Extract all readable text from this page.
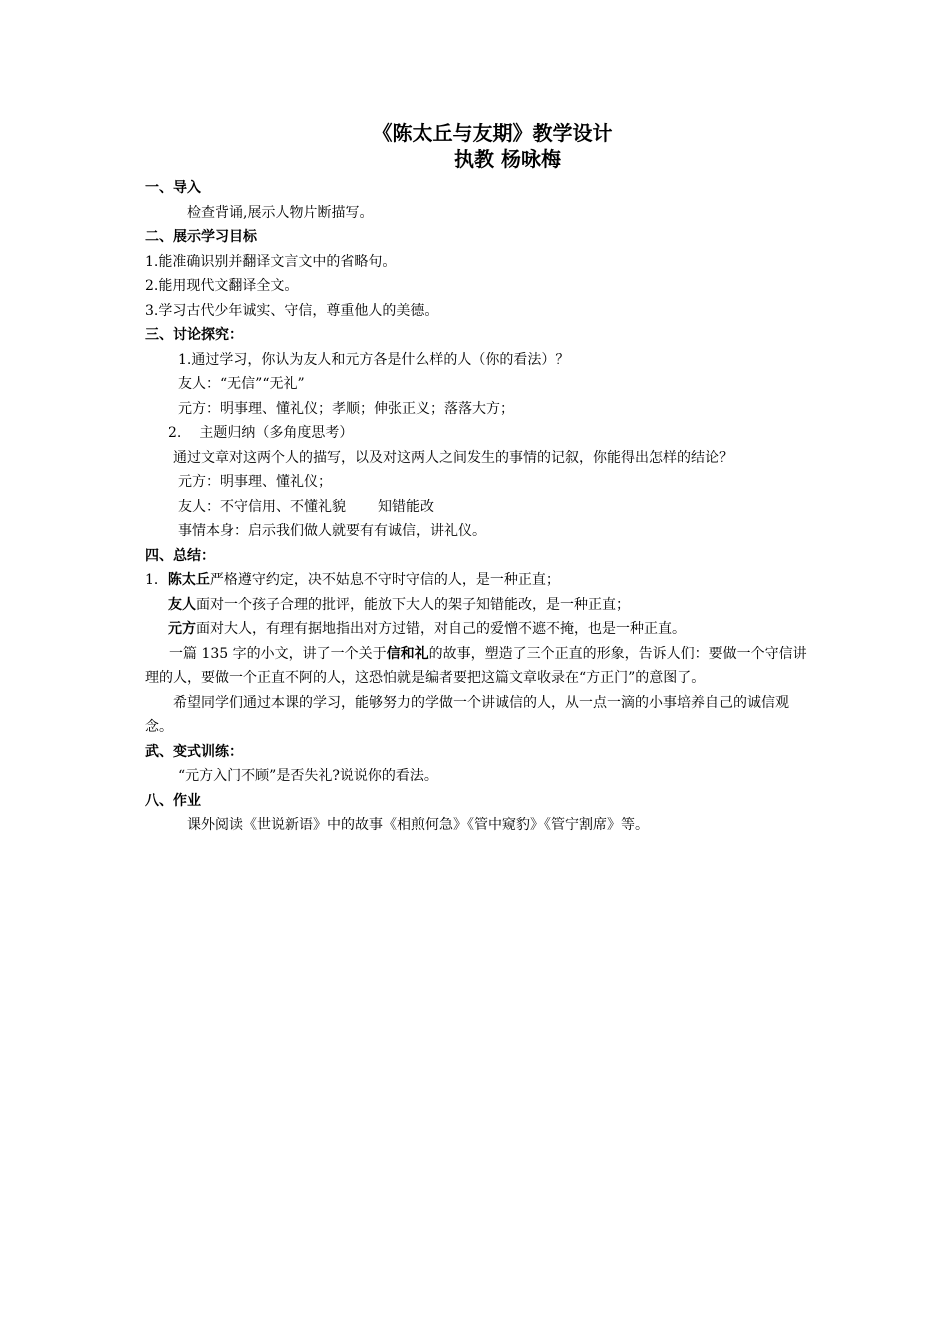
《陈太丘与友期》教学设计

执教 杨咏梅

一、导入

检查背诵,展示人物片断描写。

二、展示学习目标

1.能准确识别并翻译文言文中的省略句。

2.能用现代文翻译全文。

3.学习古代少年诚实、守信，尊重他人的美德。

三、讨论探究：

1.通过学习，你认为友人和元方各是什么样的人（你的看法）？

友人：“无信”“无礼”

元方：明事理、懂礼仪；孝顺；伸张正义；落落大方；

2. 主题归纳（多角度思考）

通过文章对这两个人的描写，以及对这两人之间发生的事情的记叙，你能得出怎样的结论？

元方：明事理、懂礼仪；

友人：不守信用、不懂礼貌 知错能改

事情本身：启示我们做人就要有有诚信，讲礼仪。

四、总结：

1．陈太丘严格遵守约定，决不姑息不守时守信的人，是一种正直；

友人面对一个孩子合理的批评，能放下大人的架子知错能改，是一种正直；

元方面对大人，有理有据地指出对方过错，对自己的爱憎不遮不掩，也是一种正直。

一篇 135 字的小文，讲了一个关于信和礼的故事，塑造了三个正直的形象，告诉人们：要做一个守信讲理的人，要做一个正直不阿的人，这恐怕就是编者要把这篇文章收录在“方正门”的意图了。

希望同学们通过本课的学习，能够努力的学做一个讲诚信的人，从一点一滴的小事培养自己的诚信观念。

武、变式训练：

“元方入门不顾”是否失礼?说说你的看法。

八、作业

课外阅读《世说新语》中的故事《相煎何急》《管中窥豹》《管宁割席》等。
